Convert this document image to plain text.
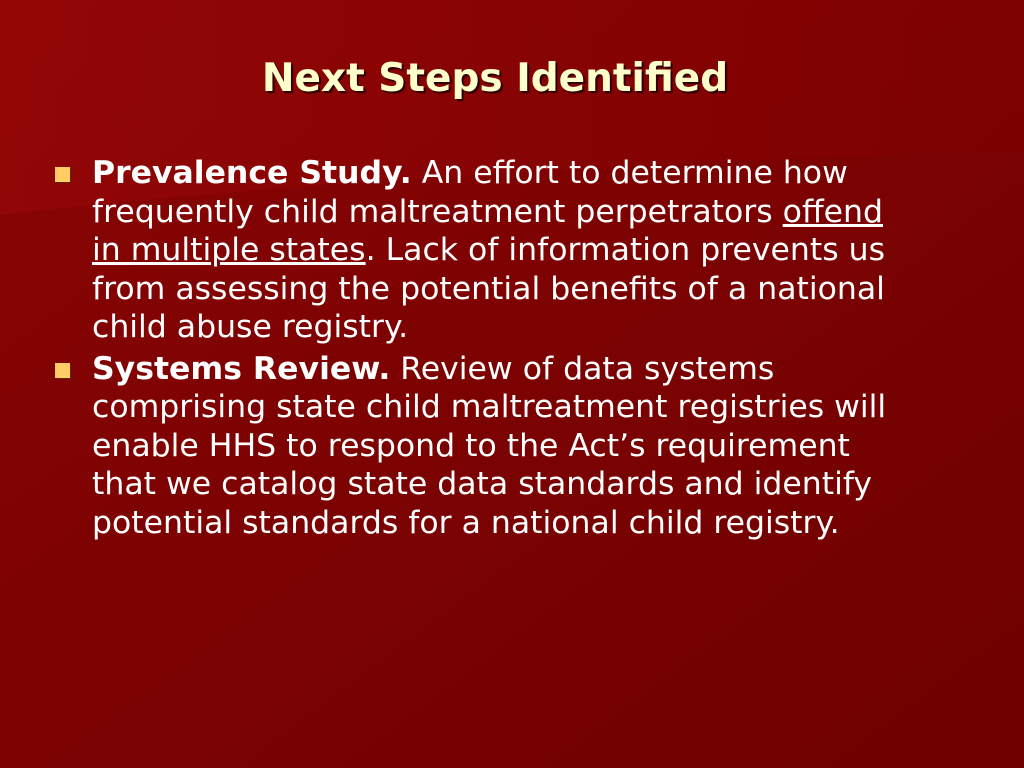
Next Steps Identified
Prevalence Study. An effort to determine how frequently child maltreatment perpetrators offend in multiple states. Lack of information prevents us from assessing the potential benefits of a national child abuse registry.
Systems Review. Review of data systems comprising state child maltreatment registries will enable HHS to respond to the Act’s requirement that we catalog state data standards and identify potential standards for a national child registry.
